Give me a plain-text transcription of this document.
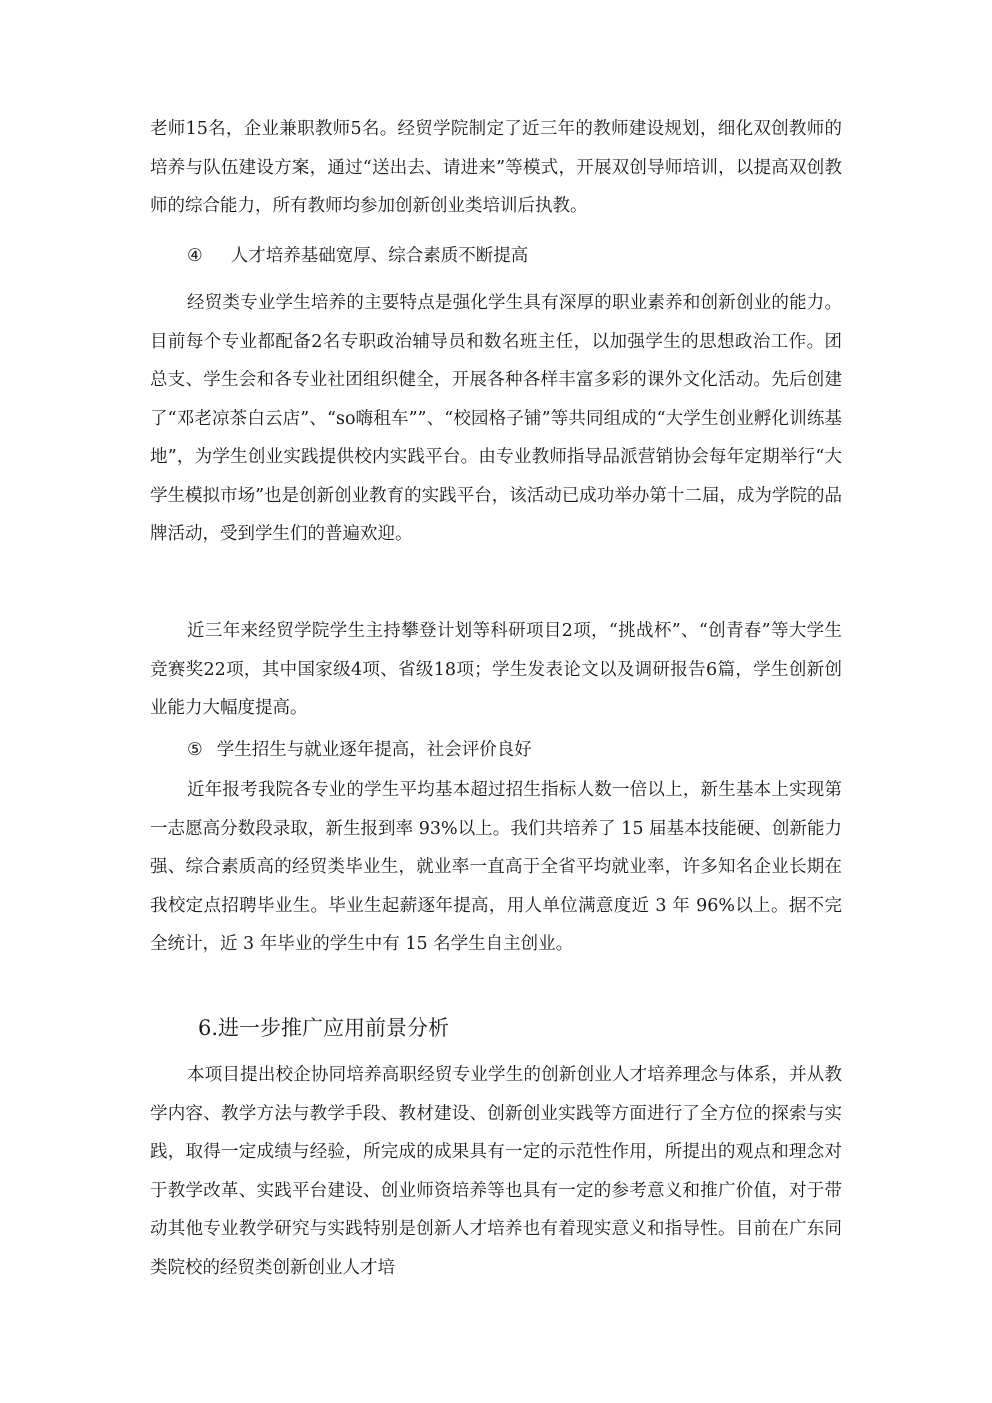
老师15名，企业兼职教师5名。经贸学院制定了近三年的教师建设规划，细化双创教师的培养与队伍建设方案，通过“送出去、请进来”等模式，开展双创导师培训，以提高双创教师的综合能力，所有教师均参加创新创业类培训后执教。

④ 人才培养基础宽厚、综合素质不断提高

经贸类专业学生培养的主要特点是强化学生具有深厚的职业素养和创新创业的能力。目前每个专业都配备2名专职政治辅导员和数名班主任，以加强学生的思想政治工作。团总支、学生会和各专业社团组织健全，开展各种各样丰富多彩的课外文化活动。先后创建了“邓老凉茶白云店”、“so嗨租车””、“校园格子铺”等共同组成的“大学生创业孵化训练基地”，为学生创业实践提供校内实践平台。由专业教师指导品派营销协会每年定期举行“大学生模拟市场”也是创新创业教育的实践平台，该活动已成功举办第十二届，成为学院的品牌活动，受到学生们的普遍欢迎。

近三年来经贸学院学生主持攀登计划等科研项目2项，“挑战杯”、“创青春”等大学生竞赛奖22项，其中国家级4项、省级18项；学生发表论文以及调研报告6篇，学生创新创业能力大幅度提高。

⑤ 学生招生与就业逐年提高，社会评价良好

近年报考我院各专业的学生平均基本超过招生指标人数一倍以上，新生基本上实现第一志愿高分数段录取，新生报到率 93%以上。我们共培养了 15 届基本技能硬、创新能力强、综合素质高的经贸类毕业生，就业率一直高于全省平均就业率，许多知名企业长期在我校定点招聘毕业生。毕业生起薪逐年提高，用人单位满意度近 3 年 96%以上。据不完全统计，近 3 年毕业的学生中有 15 名学生自主创业。

6.进一步推广应用前景分析

本项目提出校企协同培养高职经贸专业学生的创新创业人才培养理念与体系，并从教学内容、教学方法与教学手段、教材建设、创新创业实践等方面进行了全方位的探索与实践，取得一定成绩与经验，所完成的成果具有一定的示范性作用，所提出的观点和理念对于教学改革、实践平台建设、创业师资培养等也具有一定的参考意义和推广价值，对于带动其他专业教学研究与实践特别是创新人才培养也有着现实意义和指导性。目前在广东同类院校的经贸类创新创业人才培
